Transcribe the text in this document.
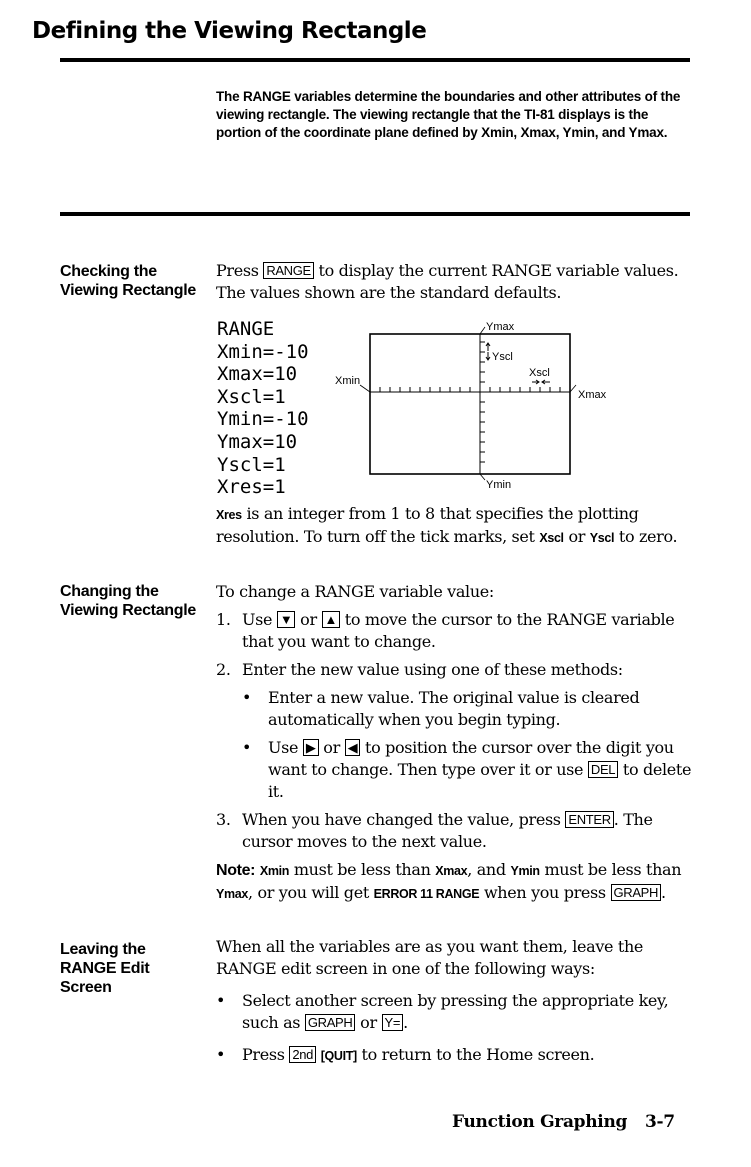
Defining the Viewing Rectangle

The RANGE variables determine the boundaries and other attributes of the viewing rectangle. The viewing rectangle that the TI-81 displays is the portion of the coordinate plane defined by Xmin, Xmax, Ymin, and Ymax.

Checking the Viewing Rectangle

Press RANGE to display the current RANGE variable values. The values shown are the standard defaults.

RANGE
Xmin=-10
Xmax=10
Xscl=1
Ymin=-10
Ymax=10
Yscl=1
Xres=1
Ymax
Yscl
Xscl
Xmin
Xmax
Ymin

Xres is an integer from 1 to 8 that specifies the plotting resolution. To turn off the tick marks, set Xscl or Yscl to zero.

Changing the Viewing Rectangle

To change a RANGE variable value:
1. Use ▼ or ▲ to move the cursor to the RANGE variable that you want to change.
2. Enter the new value using one of these methods:
• Enter a new value. The original value is cleared automatically when you begin typing.
• Use ▶ or ◀ to position the cursor over the digit you want to change. Then type over it or use DEL to delete it.
3. When you have changed the value, press ENTER . The cursor moves to the next value.
Note: Xmin must be less than Xmax, and Ymin must be less than Ymax, or you will get ERROR 11 RANGE when you press GRAPH .

Leaving the RANGE Edit Screen

When all the variables are as you want them, leave the RANGE edit screen in one of the following ways:
• Select another screen by pressing the appropriate key, such as GRAPH or Y= .
• Press 2nd [QUIT] to return to the Home screen.
Function Graphing 3-7
